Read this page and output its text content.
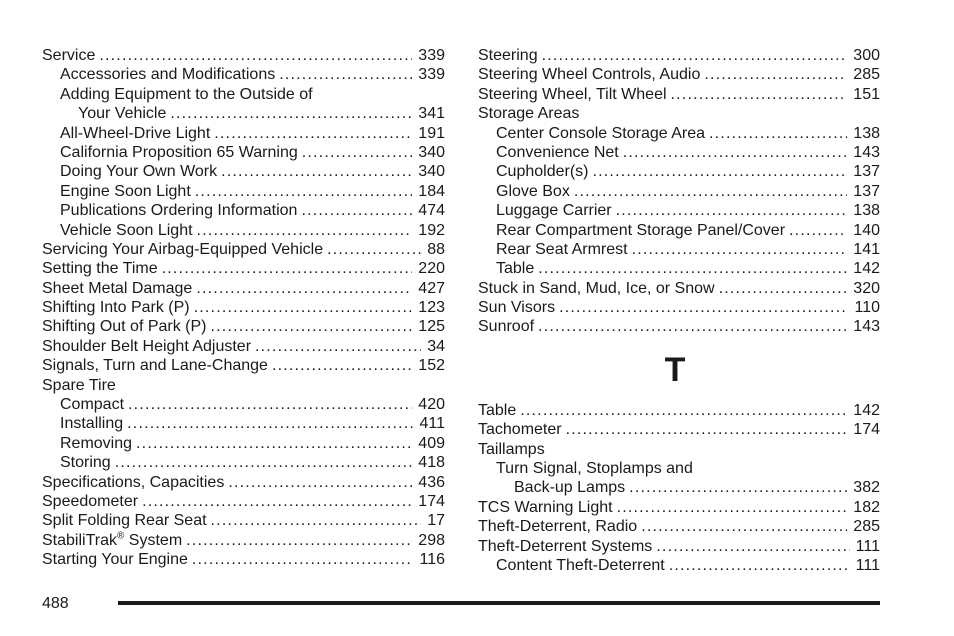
Service .....	339
Accessories and Modifications .....	339
Adding Equipment to the Outside of
Your Vehicle .....	341
All-Wheel-Drive Light .....	191
California Proposition 65 Warning .....	340
Doing Your Own Work .....	340
Engine Soon Light .....	184
Publications Ordering Information .....	474
Vehicle Soon Light .....	192
Servicing Your Airbag-Equipped Vehicle .....	88
Setting the Time .....	220
Sheet Metal Damage .....	427
Shifting Into Park (P) .....	123
Shifting Out of Park (P) .....	125
Shoulder Belt Height Adjuster .....	34
Signals, Turn and Lane-Change .....	152
Spare Tire
Compact .....	420
Installing .....	411
Removing .....	409
Storing .....	418
Specifications, Capacities .....	436
Speedometer .....	174
Split Folding Rear Seat .....	17
StabiliTrak® System .....	298
Starting Your Engine .....	116
Steering .....	300
Steering Wheel Controls, Audio .....	285
Steering Wheel, Tilt Wheel .....	151
Storage Areas
Center Console Storage Area .....	138
Convenience Net .....	143
Cupholder(s) .....	137
Glove Box .....	137
Luggage Carrier .....	138
Rear Compartment Storage Panel/Cover .....	140
Rear Seat Armrest .....	141
Table .....	142
Stuck in Sand, Mud, Ice, or Snow .....	320
Sun Visors .....	110
Sunroof .....	143
T
Table .....	142
Tachometer .....	174
Taillamps
Turn Signal, Stoplamps and
Back-up Lamps .....	382
TCS Warning Light .....	182
Theft-Deterrent, Radio .....	285
Theft-Deterrent Systems .....	111
Content Theft-Deterrent .....	111
488
